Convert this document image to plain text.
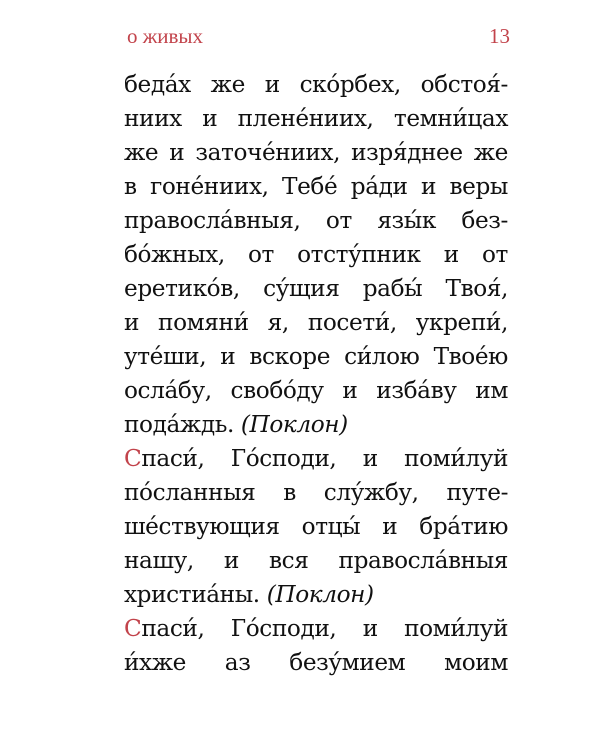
о живых	13
беда́х же и ско́рбех, обстоя́-
ниих и плене́ниих, темни́цах
же и заточе́ниих, изря́днее же
в гоне́ниих, Тебе́ ра́ди и веры
правосла́вныя, от язы́к без-
бо́жных, от отсту́пник и от
еретико́в, су́щия рабы́ Твоя́,
и помяни́ я, посети́, укрепи́,
уте́ши, и вскоре си́лою Твое́ю
осла́бу, свобо́ду и изба́ву им
пода́ждь. (Поклон)
Спаси́, Го́споди, и поми́луй
по́сланныя в слу́жбу, путе-
ше́ствующия отцы́ и бра́тию
нашу, и вся правосла́вныя
христиа́ны. (Поклон)
Спаси́, Го́споди, и поми́луй
и́хже аз безу́мием моим
